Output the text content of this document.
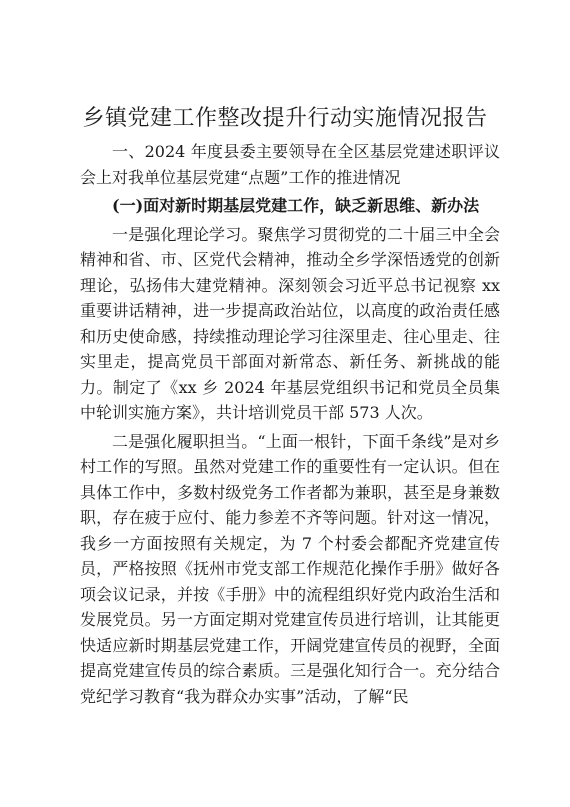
乡镇党建工作整改提升行动实施情况报告

一、2024 年度县委主要领导在全区基层党建述职评议会上对我单位基层党建“点题”工作的推进情况

(一)面对新时期基层党建工作，缺乏新思维、新办法

一是强化理论学习。聚焦学习贯彻党的二十届三中全会精神和省、市、区党代会精神，推动全乡学深悟透党的创新理论，弘扬伟大建党精神。深刻领会习近平总书记视察 xx 重要讲话精神，进一步提高政治站位，以高度的政治责任感和历史使命感，持续推动理论学习往深里走、往心里走、往实里走，提高党员干部面对新常态、新任务、新挑战的能力。制定了《xx 乡 2024 年基层党组织书记和党员全员集中轮训实施方案》，共计培训党员干部 573 人次。

二是强化履职担当。“上面一根针，下面千条线”是对乡村工作的写照。虽然对党建工作的重要性有一定认识。但在具体工作中，多数村级党务工作者都为兼职，甚至是身兼数职，存在疲于应付、能力参差不齐等问题。针对这一情况，我乡一方面按照有关规定，为 7 个村委会都配齐党建宣传员，严格按照《抚州市党支部工作规范化操作手册》做好各项会议记录，并按《手册》中的流程组织好党内政治生活和发展党员。另一方面定期对党建宣传员进行培训，让其能更快适应新时期基层党建工作，开阔党建宣传员的视野，全面提高党建宣传员的综合素质。三是强化知行合一。充分结合党纪学习教育“我为群众办实事”活动，了解“民
